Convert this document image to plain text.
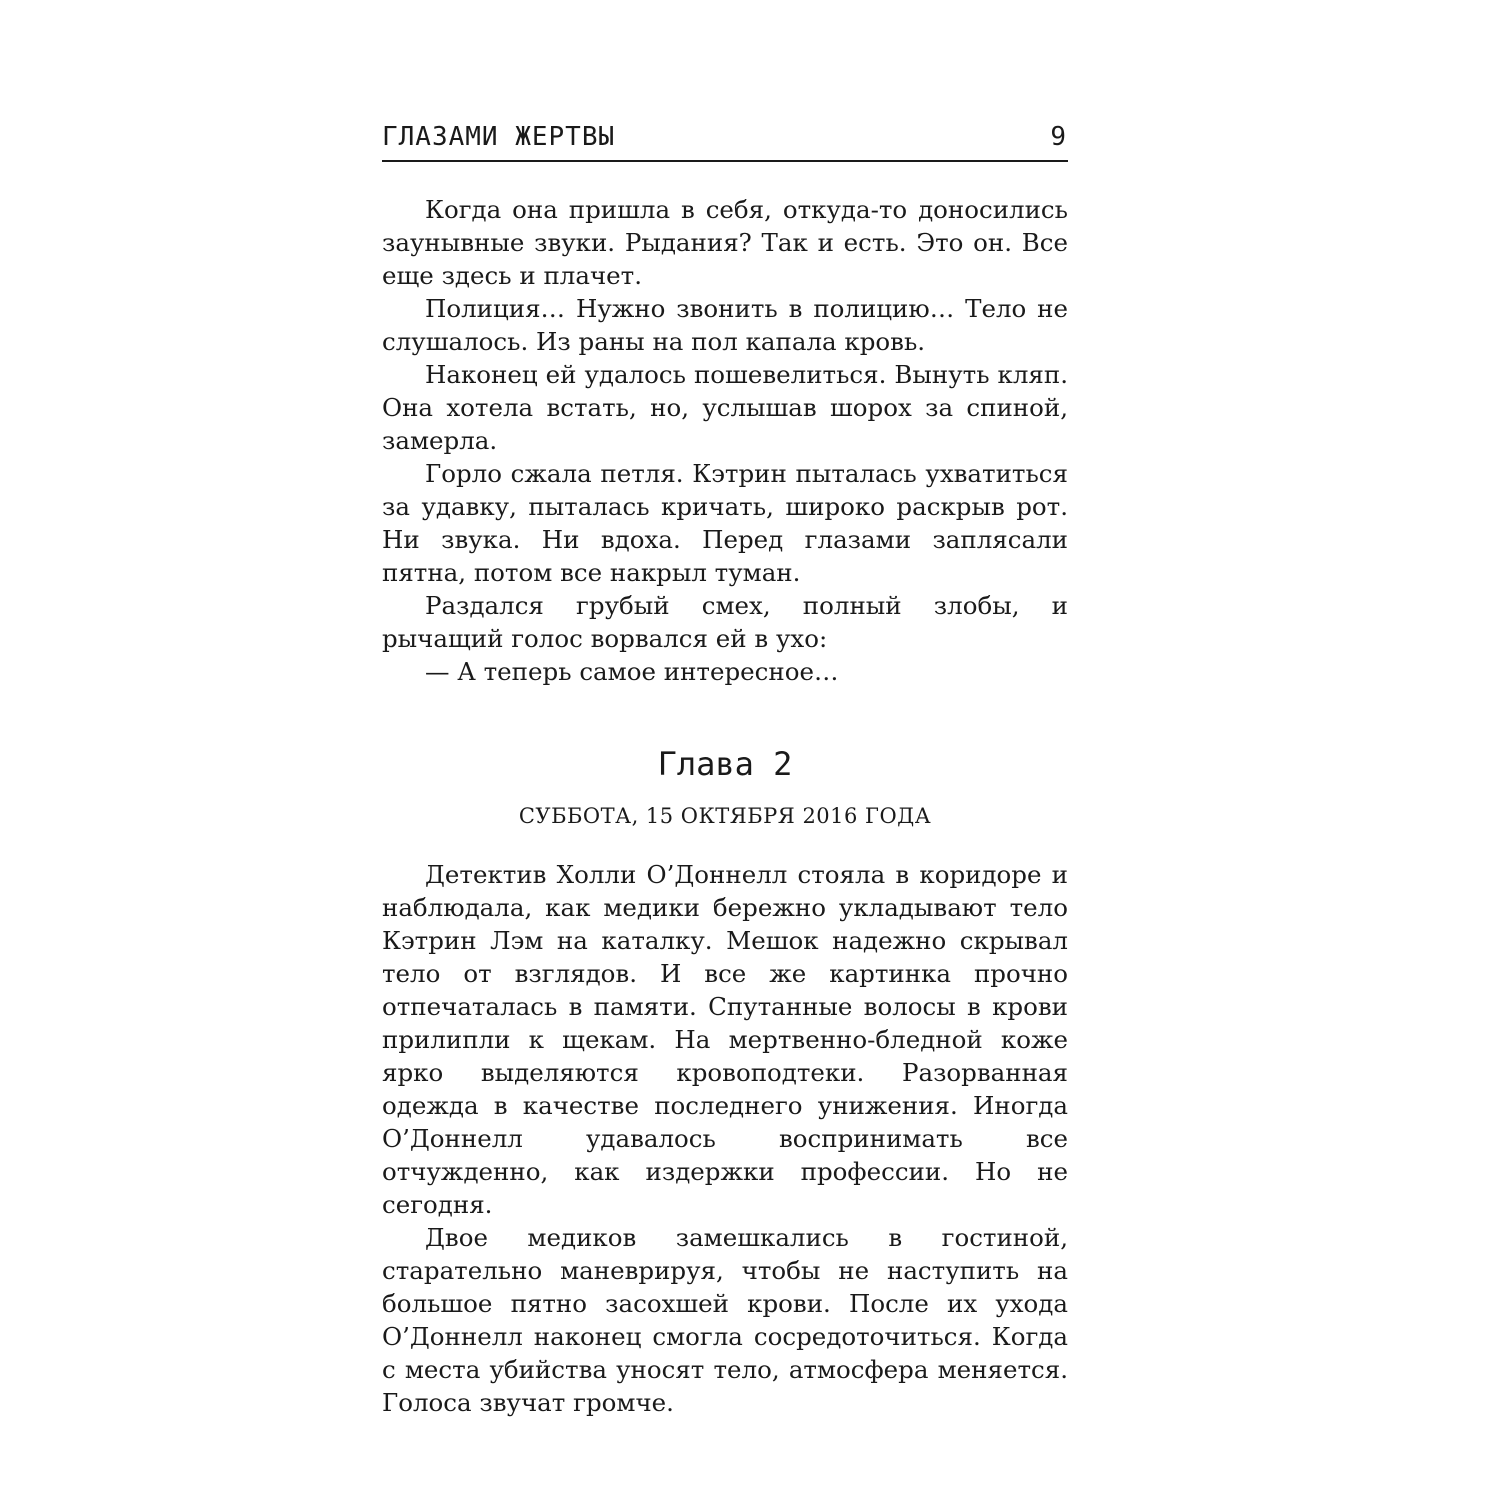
ГЛАЗАМИ ЖЕРТВЫ	9

Когда она пришла в себя, откуда-то доносились заунывные звуки. Рыдания? Так и есть. Это он. Все еще здесь и плачет.

Полиция… Нужно звонить в полицию… Тело не слушалось. Из раны на пол капала кровь.

Наконец ей удалось пошевелиться. Вынуть кляп. Она хотела встать, но, услышав шорох за спиной, замерла.

Горло сжала петля. Кэтрин пыталась ухватиться за удавку, пыталась кричать, широко раскрыв рот. Ни звука. Ни вдоха. Перед глазами заплясали пятна, потом все накрыл туман.

Раздался грубый смех, полный злобы, и рычащий голос ворвался ей в ухо:

— А теперь самое интересное…

Глава 2

СУББОТА, 15 ОКТЯБРЯ 2016 ГОДА

Детектив Холли О’Доннелл стояла в коридоре и наблюдала, как медики бережно укладывают тело Кэтрин Лэм на каталку. Мешок надежно скрывал тело от взглядов. И все же картинка прочно отпечаталась в памяти. Спутанные волосы в крови прилипли к щекам. На мертвенно-бледной коже ярко выделяются кровоподтеки. Разорванная одежда в качестве последнего унижения. Иногда О’Доннелл удавалось воспринимать все отчужденно, как издержки профессии. Но не сегодня.

Двое медиков замешкались в гостиной, старательно маневрируя, чтобы не наступить на большое пятно засохшей крови. После их ухода О’Доннелл наконец смогла сосредоточиться. Когда с места убийства уносят тело, атмосфера меняется. Голоса звучат громче.
